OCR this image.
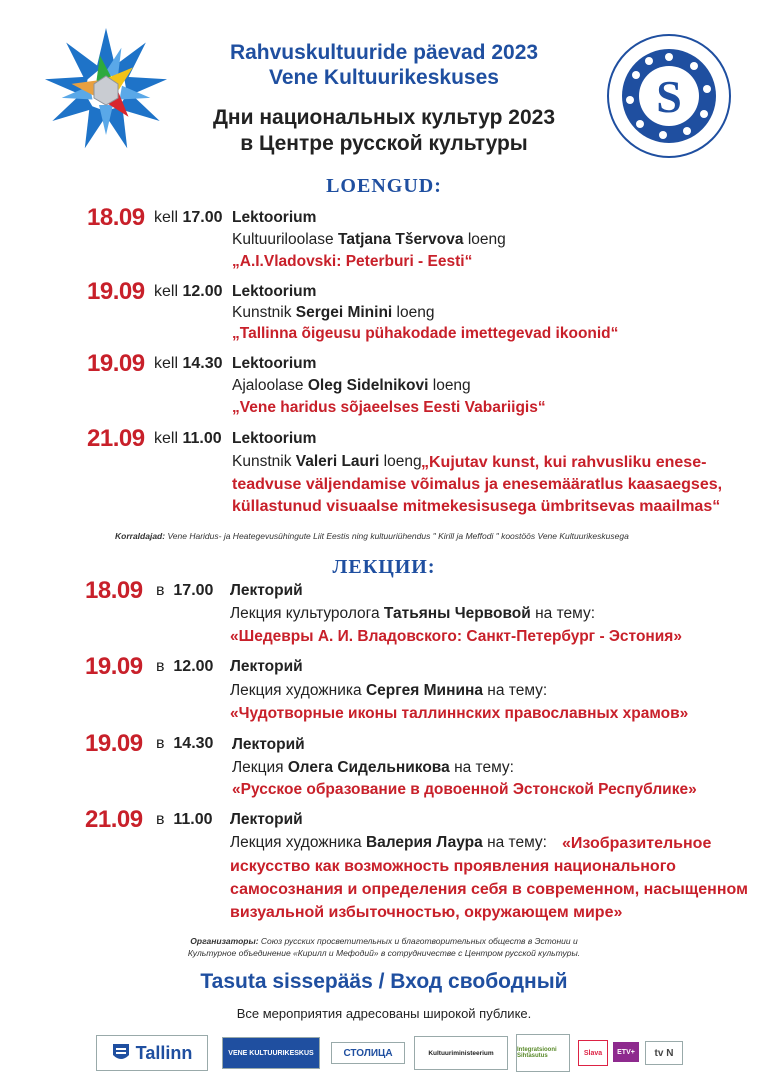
S
Rahvuskultuuride päevad 2023
Vene Kultuurikeskuses
Дни национальных культур 2023
в Центре русской культуры
LOENGUD:
18.09 kell 17.00 Lektoorium
Kultuuriloolase Tatjana Tšervova loeng
„A.I.Vladovski: Peterburi - Eesti“
19.09 kell 12.00 Lektoorium
Kunstnik Sergei Minini loeng
„Tallinna õigeusu pühakodade imettegevad ikoonid“
19.09 kell 14.30 Lektoorium
Ajaloolase Oleg Sidelnikovi loeng
„Vene haridus sõjaeelses Eesti Vabariigis“
21.09 kell 11.00 Lektoorium
Kunstnik Valeri Lauri loeng „Kujutav kunst, kui rahvusliku enese-
teadvuse väljendamise võimalus ja enesemääratlus kaasaegses,
küllastunud visuaalse mitmekesisusega ümbritsevas maailmas“
Korraldajad: Vene Haridus- ja Heategevusühingute Liit Eestis ning kultuuriühendus " Kirill ja Meffodi " koostöös Vene Kultuurikeskusega
ЛЕКЦИИ:
18.09 в 17.00 Лекторий
Лекция культуролога Татьяны Червовой на тему:
«Шедевры А. И. Владовского: Санкт-Петербург - Эстония»
19.09 в 12.00 Лекторий
Лекция художника Сергея Минина на тему:
«Чудотворные иконы таллиннских православных храмов»
19.09 в 14.30 Лекторий
Лекция Олега Сидельникова на тему:
«Русское образование в довоенной Эстонской Республике»
21.09 в 11.00 Лекторий
Лекция художника Валерия Лаура на тему: «Изобразительное
искусство как возможность проявления национального
самосознания и определения себя в современном, насыщенном
визуальной избыточностью, окружающем мире»
Организаторы: Союз русских просветительных и благотворительных обществ в Эстонии и
Культурное объединение «Кирилл и Мефодий» в сотрудничестве с Центром русской культуры.
Tasuta sissepääs / Вход свободный
Все мероприятия адресованы широкой публике.
Tallinn	VENE KULTUURIKESKUS	СТОЛИЦА	Kultuuriministeerium	Integratsiooni Sihtasutus	Slava	ETV+	tv N
